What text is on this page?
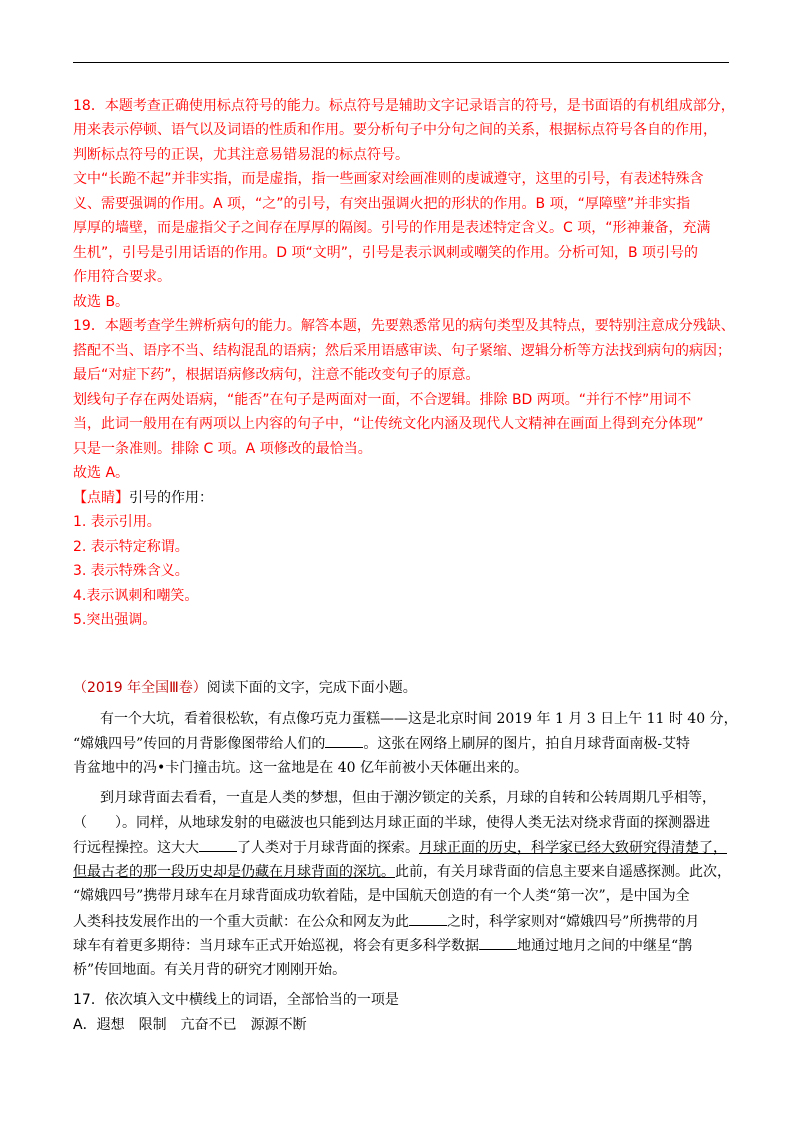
18．本题考查正确使用标点符号的能力。标点符号是辅助文字记录语言的符号，是书面语的有机组成部分，
用来表示停顿、语气以及词语的性质和作用。要分析句子中分句之间的关系，根据标点符号各自的作用，
判断标点符号的正误，尤其注意易错易混的标点符号。
文中“长跪不起”并非实指，而是虚指，指一些画家对绘画准则的虔诚遵守，这里的引号，有表述特殊含
义、需要强调的作用。A 项，“之”的引号，有突出强调火把的形状的作用。B 项，“厚障壁”并非实指
厚厚的墙壁，而是虚指父子之间存在厚厚的隔阂。引号的作用是表述特定含义。C 项，“形神兼备，充满
生机”，引号是引用话语的作用。D 项“文明”，引号是表示讽刺或嘲笑的作用。分析可知，B 项引号的
作用符合要求。
故选 B。
19．本题考查学生辨析病句的能力。解答本题，先要熟悉常见的病句类型及其特点，要特别注意成分残缺、
搭配不当、语序不当、结构混乱的语病；然后采用语感审读、句子紧缩、逻辑分析等方法找到病句的病因；
最后“对症下药”，根据语病修改病句，注意不能改变句子的原意。
划线句子存在两处语病，“能否”在句子是两面对一面，不合逻辑。排除 BD 两项。“并行不悖”用词不
当，此词一般用在有两项以上内容的句子中，“让传统文化内涵及现代人文精神在画面上得到充分体现”
只是一条准则。排除 C 项。A 项修改的最恰当。
故选 A。
【点睛】引号的作用：
1. 表示引用。
2. 表示特定称谓。
3. 表示特殊含义。
4.表示讽刺和嘲笑。
5.突出强调。
（2019 年全国Ⅲ卷）阅读下面的文字，完成下面小题。
有一个大坑，看着很松软，有点像巧克力蛋糕——这是北京时间 2019 年 1 月 3 日上午 11 时 40 分，
“嫦娥四号”传回的月背影像图带给人们的	。这张在网络上刷屏的图片，拍自月球背面南极-艾特
肯盆地中的冯•卡门撞击坑。这一盆地是在 40 亿年前被小天体砸出来的。
到月球背面去看看，一直是人类的梦想，但由于潮汐锁定的关系，月球的自转和公转周期几乎相等，
（　　）。同样，从地球发射的电磁波也只能到达月球正面的半球，使得人类无法对绕求背面的探测器进
行远程操控。这大大	了人类对于月球背面的探索。月球正面的历史，科学家已经大致研究得清楚了，
但最古老的那一段历史却是仍藏在月球背面的深坑。此前，有关月球背面的信息主要来自遥感探测。此次，
“嫦娥四号”携带月球车在月球背面成功软着陆，是中国航天创造的有一个人类“第一次”，是中国为全
人类科技发展作出的一个重大贡献：在公众和网友为此	之时，科学家则对“嫦娥四号”所携带的月
球车有着更多期待：当月球车正式开始巡视，将会有更多科学数据	地通过地月之间的中继星“鹊
桥”传回地面。有关月背的研究才刚刚开始。
17．依次填入文中横线上的词语，全部恰当的一项是
A．遐想　限制　亢奋不已　源源不断
